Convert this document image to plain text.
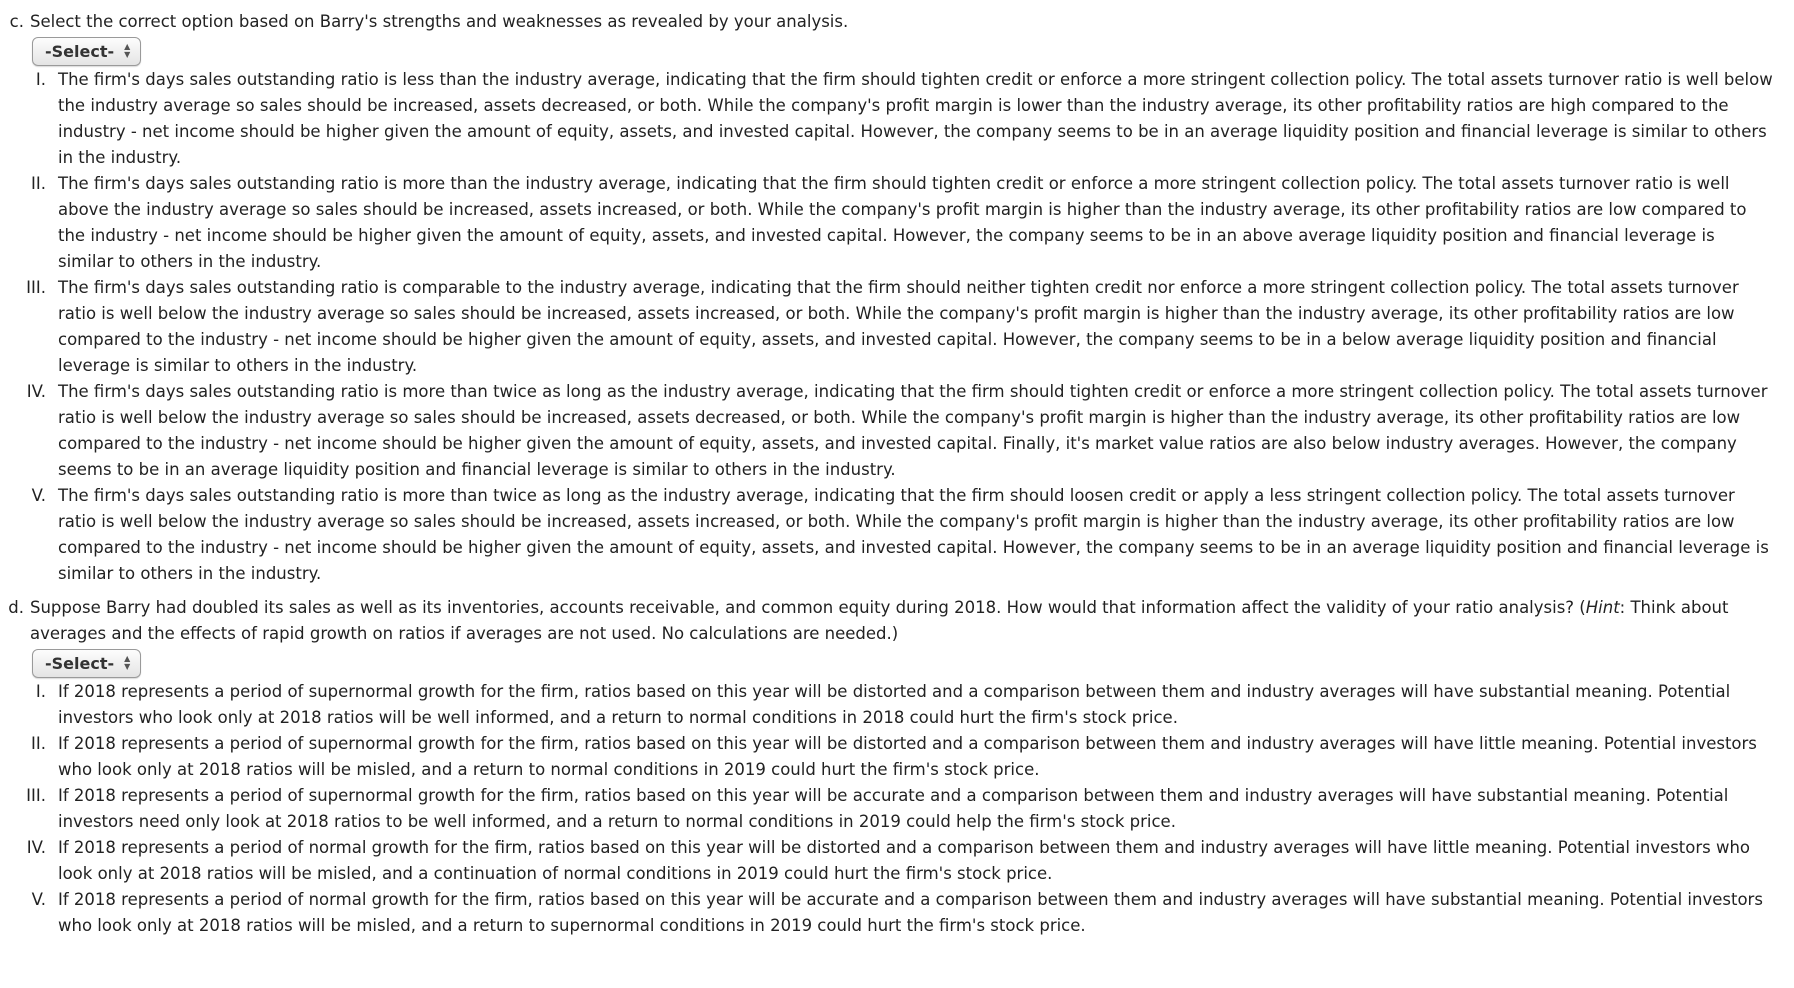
c. Select the correct option based on Barry's strengths and weaknesses as revealed by your analysis.
-Select- ▲
▼
I. The firm's days sales outstanding ratio is less than the industry average, indicating that the firm should tighten credit or enforce a more stringent collection policy. The total assets turnover ratio is well below the industry average so sales should be increased, assets decreased, or both. While the company's profit margin is lower than the industry average, its other profitability ratios are high compared to the industry - net income should be higher given the amount of equity, assets, and invested capital. However, the company seems to be in an average liquidity position and financial leverage is similar to others in the industry.
II. The firm's days sales outstanding ratio is more than the industry average, indicating that the firm should tighten credit or enforce a more stringent collection policy. The total assets turnover ratio is well above the industry average so sales should be increased, assets increased, or both. While the company's profit margin is higher than the industry average, its other profitability ratios are low compared to the industry - net income should be higher given the amount of equity, assets, and invested capital. However, the company seems to be in an above average liquidity position and financial leverage is similar to others in the industry.
III. The firm's days sales outstanding ratio is comparable to the industry average, indicating that the firm should neither tighten credit nor enforce a more stringent collection policy. The total assets turnover ratio is well below the industry average so sales should be increased, assets increased, or both. While the company's profit margin is higher than the industry average, its other profitability ratios are low compared to the industry - net income should be higher given the amount of equity, assets, and invested capital. However, the company seems to be in a below average liquidity position and financial leverage is similar to others in the industry.
IV. The firm's days sales outstanding ratio is more than twice as long as the industry average, indicating that the firm should tighten credit or enforce a more stringent collection policy. The total assets turnover ratio is well below the industry average so sales should be increased, assets decreased, or both. While the company's profit margin is higher than the industry average, its other profitability ratios are low compared to the industry - net income should be higher given the amount of equity, assets, and invested capital. Finally, it's market value ratios are also below industry averages. However, the company seems to be in an average liquidity position and financial leverage is similar to others in the industry.
V. The firm's days sales outstanding ratio is more than twice as long as the industry average, indicating that the firm should loosen credit or apply a less stringent collection policy. The total assets turnover ratio is well below the industry average so sales should be increased, assets increased, or both. While the company's profit margin is higher than the industry average, its other profitability ratios are low compared to the industry - net income should be higher given the amount of equity, assets, and invested capital. However, the company seems to be in an average liquidity position and financial leverage is similar to others in the industry.
d. Suppose Barry had doubled its sales as well as its inventories, accounts receivable, and common equity during 2018. How would that information affect the validity of your ratio analysis? (Hint: Think about averages and the effects of rapid growth on ratios if averages are not used. No calculations are needed.)
-Select- ▲
▼
I. If 2018 represents a period of supernormal growth for the firm, ratios based on this year will be distorted and a comparison between them and industry averages will have substantial meaning. Potential investors who look only at 2018 ratios will be well informed, and a return to normal conditions in 2018 could hurt the firm's stock price.
II. If 2018 represents a period of supernormal growth for the firm, ratios based on this year will be distorted and a comparison between them and industry averages will have little meaning. Potential investors who look only at 2018 ratios will be misled, and a return to normal conditions in 2019 could hurt the firm's stock price.
III. If 2018 represents a period of supernormal growth for the firm, ratios based on this year will be accurate and a comparison between them and industry averages will have substantial meaning. Potential investors need only look at 2018 ratios to be well informed, and a return to normal conditions in 2019 could help the firm's stock price.
IV. If 2018 represents a period of normal growth for the firm, ratios based on this year will be distorted and a comparison between them and industry averages will have little meaning. Potential investors who look only at 2018 ratios will be misled, and a continuation of normal conditions in 2019 could hurt the firm's stock price.
V. If 2018 represents a period of normal growth for the firm, ratios based on this year will be accurate and a comparison between them and industry averages will have substantial meaning. Potential investors who look only at 2018 ratios will be misled, and a return to supernormal conditions in 2019 could hurt the firm's stock price.
